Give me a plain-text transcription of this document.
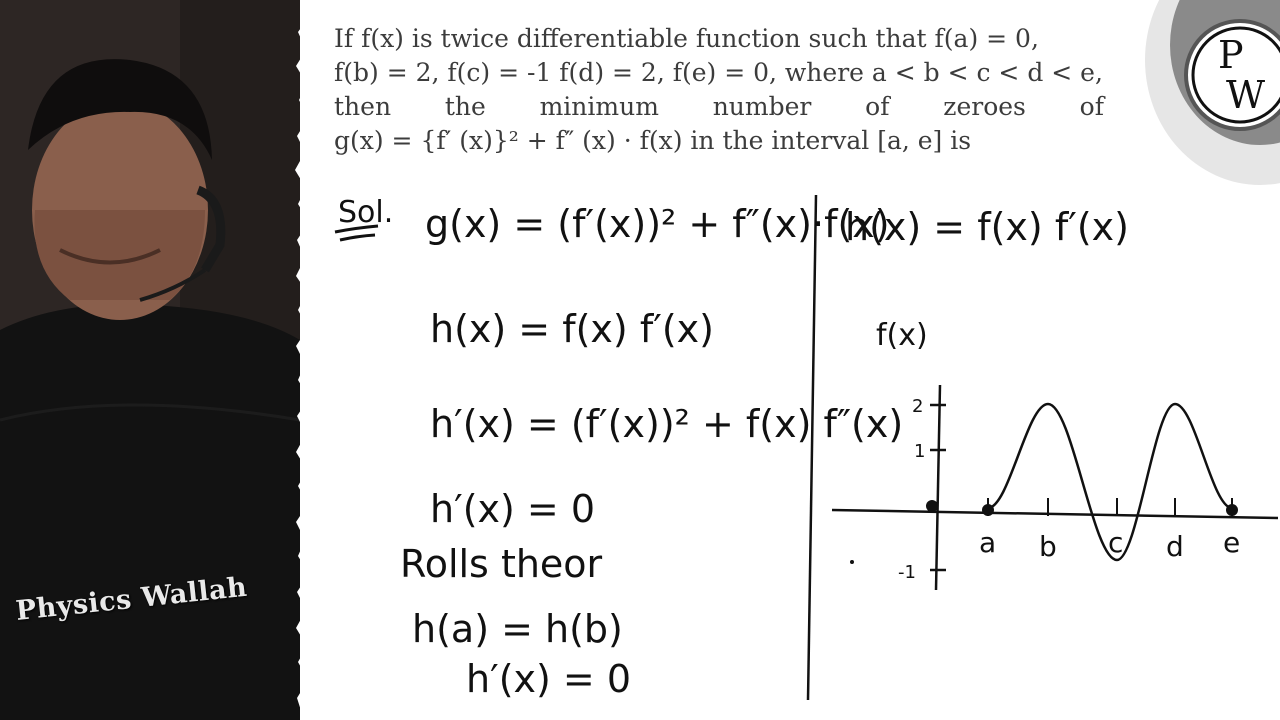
Physics Wallah
If f(x) is twice differentiable function such that f(a) = 0,
f(b) = 2, f(c) = -1 f(d) = 2, f(e) = 0, where a < b < c < d < e,
then the minimum number of zeroes of
g(x) = {f′ (x)}² + f″ (x) · f(x) in the interval [a, e] is
P
W
Sol. g(x) = (f′(x))² + f″(x)·f(x)
h(x) = f(x) f′(x)
h′(x) = (f′(x))² + f(x) f″(x)
h′(x) = 0
Rolls theor
h(a) = h(b)
h′(x) = 0
h(x) = f(x) f′(x)
f(x)
2
1
-1
a b c d e
